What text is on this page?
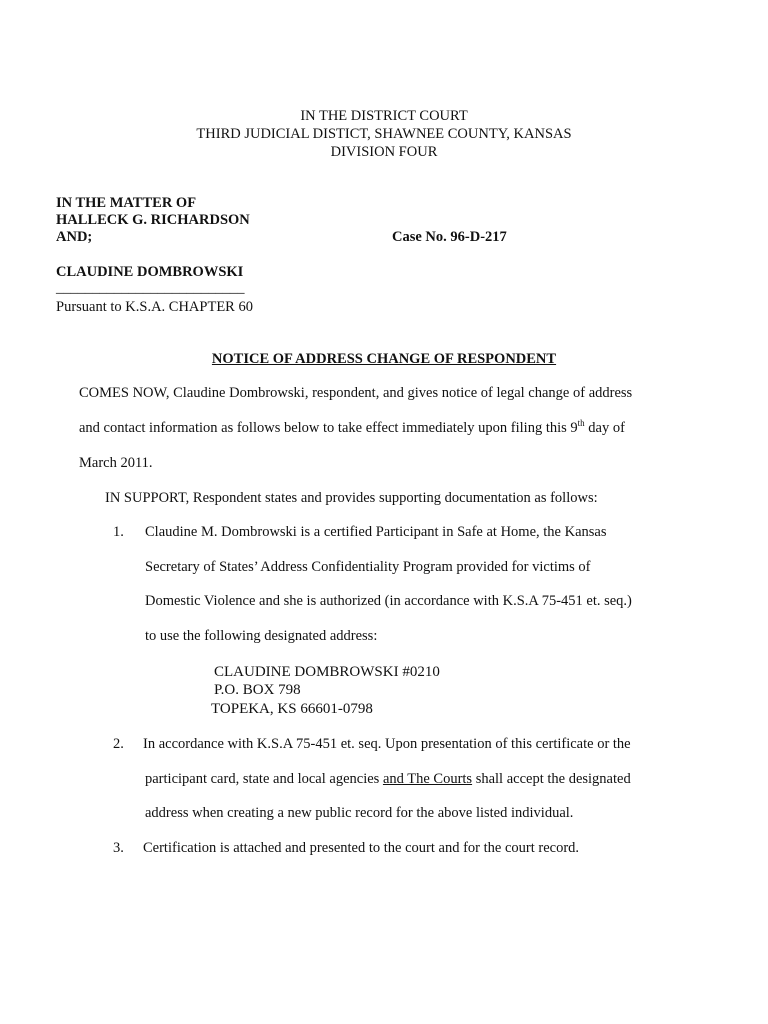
IN THE DISTRICT COURT
THIRD JUDICIAL DISTICT, SHAWNEE COUNTY, KANSAS
DIVISION FOUR
IN THE MATTER OF
HALLECK G. RICHARDSON
AND;	Case No. 96-D-217
CLAUDINE DOMBROWSKI
__________________________
Pursuant to K.S.A. CHAPTER 60
NOTICE OF ADDRESS CHANGE OF RESPONDENT
COMES NOW, Claudine Dombrowski, respondent, and gives notice of legal change of address
and contact information as follows below to take effect immediately upon filing this 9th day of
March 2011.
IN SUPPORT, Respondent states and provides supporting documentation as follows:
1. Claudine M. Dombrowski is a certified Participant in Safe at Home, the Kansas
Secretary of States’ Address Confidentiality Program provided for victims of
Domestic Violence and she is authorized (in accordance with K.S.A 75-451 et. seq.)
to use the following designated address:
CLAUDINE DOMBROWSKI #0210
P.O. BOX 798
TOPEKA, KS 66601-0798
2. In accordance with K.S.A 75-451 et. seq. Upon presentation of this certificate or the
participant card, state and local agencies and The Courts shall accept the designated
address when creating a new public record for the above listed individual.
3. Certification is attached and presented to the court and for the court record.
